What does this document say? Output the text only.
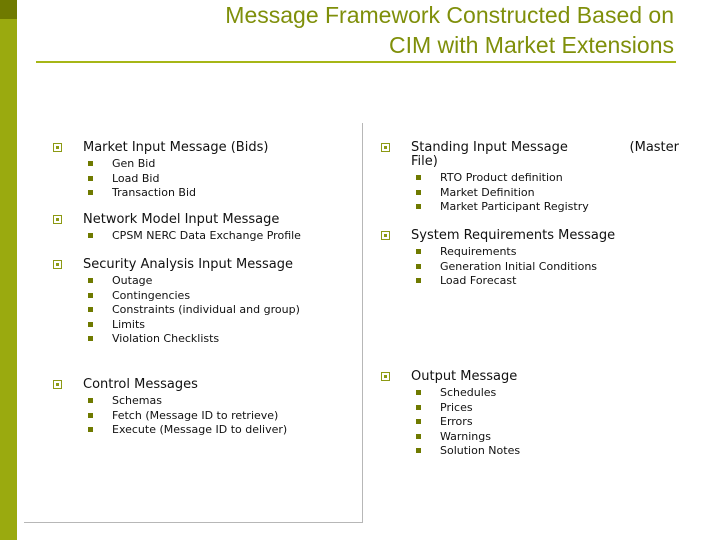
Message Framework Constructed Based on
CIM with Market Extensions
Market Input Message (Bids)
Gen Bid
Load Bid
Transaction Bid
Network Model Input Message
CPSM NERC Data Exchange Profile
Security Analysis Input Message
Outage
Contingencies
Constraints (individual and group)
Limits
Violation Checklists
Control Messages
Schemas
Fetch (Message ID to retrieve)
Execute (Message ID to deliver)
Standing Input Message	(Master
File)
RTO Product definition
Market Definition
Market Participant Registry
System Requirements Message
Requirements
Generation Initial Conditions
Load Forecast
Output Message
Schedules
Prices
Errors
Warnings
Solution Notes
